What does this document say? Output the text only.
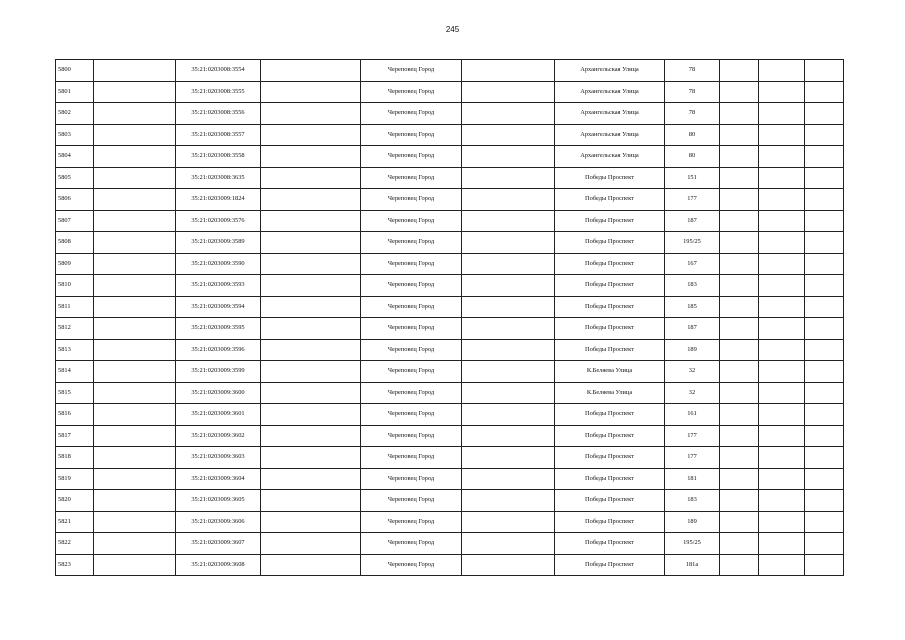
245
5800		35:21:0203008:3554		Череповец Город		Архангельская Улица	78			
5801		35:21:0203008:3555		Череповец Город		Архангельская Улица	78			
5802		35:21:0203008:3556		Череповец Город		Архангельская Улица	78			
5803		35:21:0203008:3557		Череповец Город		Архангельская Улица	80			
5804		35:21:0203008:3558		Череповец Город		Архангельская Улица	80			
5805		35:21:0203008:3635		Череповец Город		Победы Проспект	151			
5806		35:21:0203009:1824		Череповец Город		Победы Проспект	177			
5807		35:21:0203009:3576		Череповец Город		Победы Проспект	187			
5808		35:21:0203009:3589		Череповец Город		Победы Проспект	195/25			
5809		35:21:0203009:3590		Череповец Город		Победы Проспект	167			
5810		35:21:0203009:3593		Череповец Город		Победы Проспект	183			
5811		35:21:0203009:3594		Череповец Город		Победы Проспект	185			
5812		35:21:0203009:3595		Череповец Город		Победы Проспект	187			
5813		35:21:0203009:3596		Череповец Город		Победы Проспект	189			
5814		35:21:0203009:3599		Череповец Город		К.Беляева Улица	32			
5815		35:21:0203009:3600		Череповец Город		К.Беляева Улица	32			
5816		35:21:0203009:3601		Череповец Город		Победы Проспект	161			
5817		35:21:0203009:3602		Череповец Город		Победы Проспект	177			
5818		35:21:0203009:3603		Череповец Город		Победы Проспект	177			
5819		35:21:0203009:3604		Череповец Город		Победы Проспект	181			
5820		35:21:0203009:3605		Череповец Город		Победы Проспект	183			
5821		35:21:0203009:3606		Череповец Город		Победы Проспект	189			
5822		35:21:0203009:3607		Череповец Город		Победы Проспект	195/25			
5823		35:21:0203009:3608		Череповец Город		Победы Проспект	181а			
